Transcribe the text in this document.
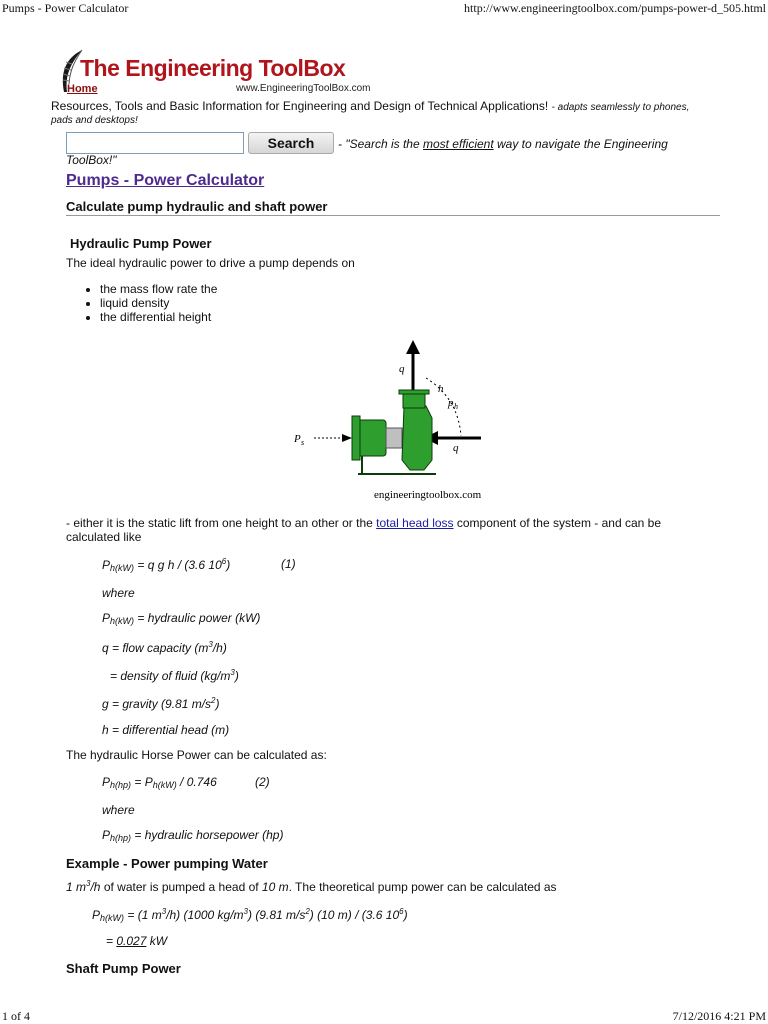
Pumps - Power Calculator	http://www.engineeringtoolbox.com/pumps-power-d_505.html
The Engineering ToolBox
www.EngineeringToolBox.com
Home
Resources, Tools and Basic Information for Engineering and Design of Technical Applications! - adapts seamlessly to phones,
pads and desktops!
Search	- "Search is the most efficient way to navigate the Engineering
ToolBox!"
Pumps - Power Calculator
Calculate pump hydraulic and shaft power
Hydraulic Pump Power
The ideal hydraulic power to drive a pump depends on
• the mass flow rate the
• liquid density
• the differential height
q
q
h
p h
P s
engineeringtoolbox.com
- either it is the static lift from one height to an other or the total head loss component of the system - and can be
calculated like
$P_{h(kW)} = q$ g h / (3.6 $10^6$)	(1)
where
$P_{h(kW)}$ = hydraulic power (kW)
q = flow capacity $(m^3/h)$
= density of fluid $(kg/m^3)$
g = gravity (9.81 $m/s^2$)
h = differential head (m)
The hydraulic Horse Power can be calculated as:
$P_{h(hp)} = P_{h(kW)} / 0.746$	(2)
where
$P_{h(hp)}$ = hydraulic horsepower (hp)
Example - Power pumping Water
1 $m^3/h$ of water is pumped a head of 10 m. The theoretical pump power can be calculated as
$P_{h(kW)} = (1$ $m^3/h$) (1000 $kg/m^3$) (9.81 $m/s^2$) (10 m) / (3.6 $10^6$)
= 0.027 kW
Shaft Pump Power
1 of 4	7/12/2016 4:21 PM
